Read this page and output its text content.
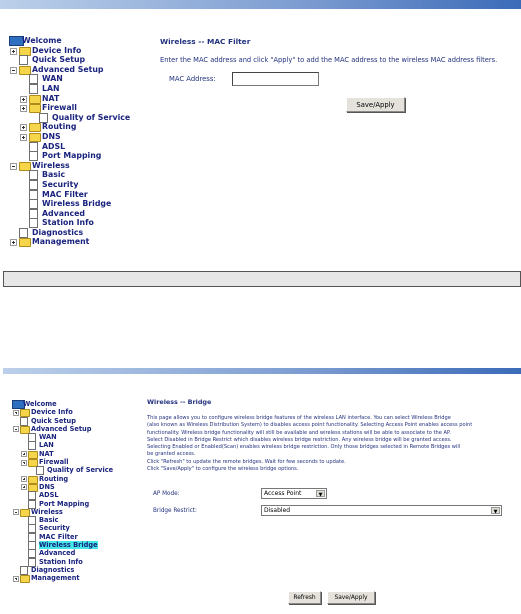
Welcome
Device Info
Quick Setup
Advanced Setup
WAN
LAN
NAT
Firewall
Quality of Service
Routing
DNS
ADSL
Port Mapping
Wireless
Basic
Security
MAC Filter
Wireless Bridge
Advanced
Station Info
Diagnostics
Management
Wireless -- MAC Filter
Enter the MAC address and click "Apply" to add the MAC address to the wireless MAC address filters.
MAC Address:
Save/Apply
Welcome
Device Info
Quick Setup
Advanced Setup
WAN
LAN
NAT
Firewall
Quality of Service
Routing
DNS
ADSL
Port Mapping
Wireless
Basic
Security
MAC Filter
Wireless Bridge
Advanced
Station Info
Diagnostics
Management
Wireless -- Bridge
This page allows you to configure wireless bridge features of the wireless LAN interface. You can select Wireless Bridge
(also known as Wireless Distribution System) to disables access point functionality. Selecting Access Point enables access point
functionality. Wireless bridge functionality will still be available and wireless stations will be able to associate to the AP.
Select Disabled in Bridge Restrict which disables wireless bridge restriction. Any wireless bridge will be granted access.
Selecting Enabled or Enabled(Scan) enables wireless bridge restriction. Only those bridges selected in Remote Bridges will
be granted access.
Click "Refresh" to update the remote bridges. Wait for few seconds to update.
Click "Save/Apply" to configure the wireless bridge options.
AP Mode:	Access Point	▼
Bridge Restrict:	Disabled	▼
Refresh	Save/Apply
